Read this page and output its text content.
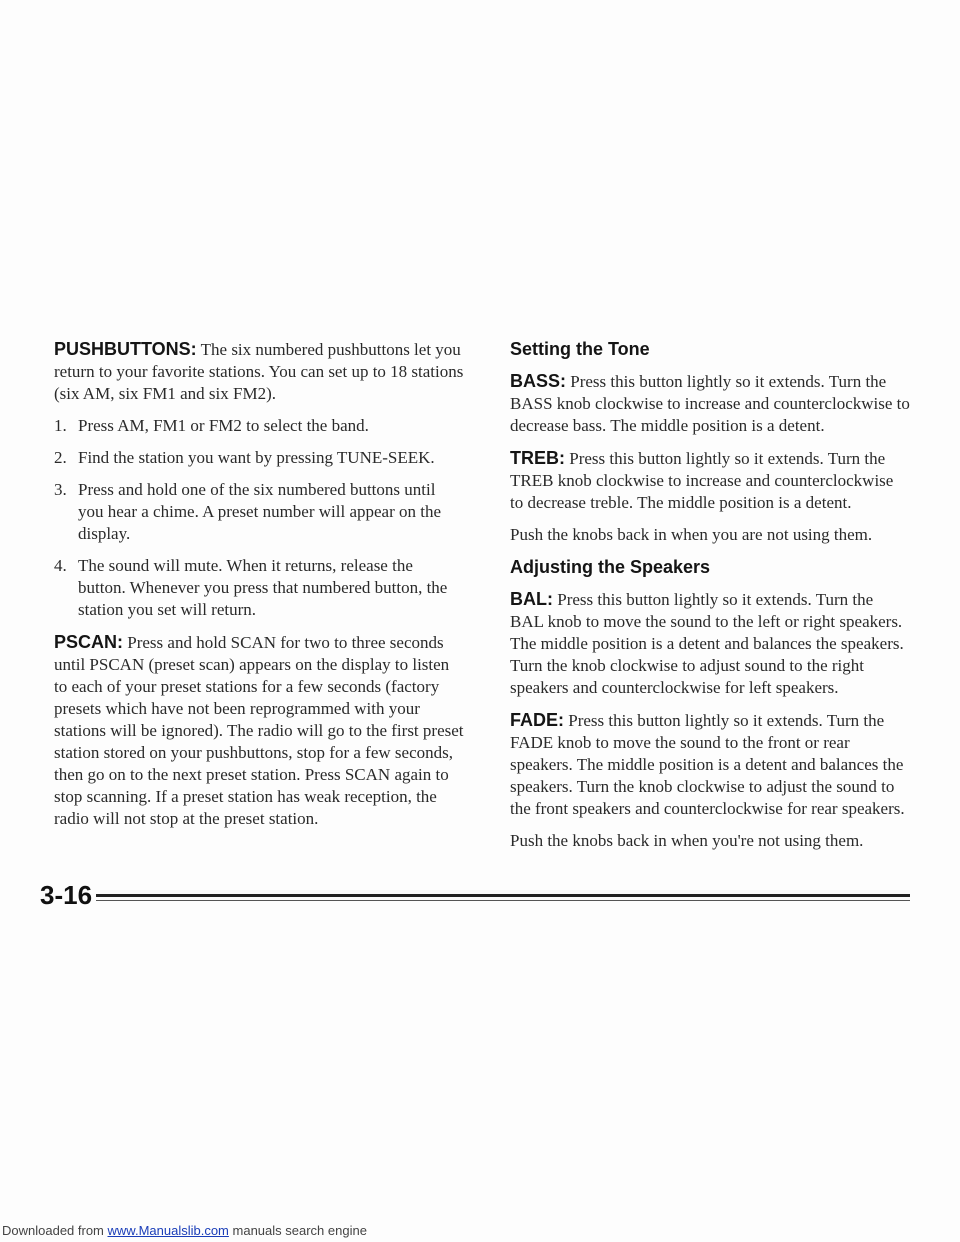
PUSHBUTTONS: The six numbered pushbuttons let you return to your favorite stations. You can set up to 18 stations (six AM, six FM1 and six FM2).

1. Press AM, FM1 or FM2 to select the band.
2. Find the station you want by pressing TUNE-SEEK.
3. Press and hold one of the six numbered buttons until you hear a chime. A preset number will appear on the display.
4. The sound will mute. When it returns, release the button. Whenever you press that numbered button, the station you set will return.

PSCAN: Press and hold SCAN for two to three seconds until PSCAN (preset scan) appears on the display to listen to each of your preset stations for a few seconds (factory presets which have not been reprogrammed with your stations will be ignored). The radio will go to the first preset station stored on your pushbuttons, stop for a few seconds, then go on to the next preset station. Press SCAN again to stop scanning. If a preset station has weak reception, the radio will not stop at the preset station.

Setting the Tone

BASS: Press this button lightly so it extends. Turn the BASS knob clockwise to increase and counterclockwise to decrease bass. The middle position is a detent.

TREB: Press this button lightly so it extends. Turn the TREB knob clockwise to increase and counterclockwise to decrease treble. The middle position is a detent.

Push the knobs back in when you are not using them.

Adjusting the Speakers

BAL: Press this button lightly so it extends. Turn the BAL knob to move the sound to the left or right speakers. The middle position is a detent and balances the speakers. Turn the knob clockwise to adjust sound to the right speakers and counterclockwise for left speakers.

FADE: Press this button lightly so it extends. Turn the FADE knob to move the sound to the front or rear speakers. The middle position is a detent and balances the speakers. Turn the knob clockwise to adjust the sound to the front speakers and counterclockwise for rear speakers.

Push the knobs back in when you're not using them.

3-16
Downloaded from www.Manualslib.com manuals search engine
